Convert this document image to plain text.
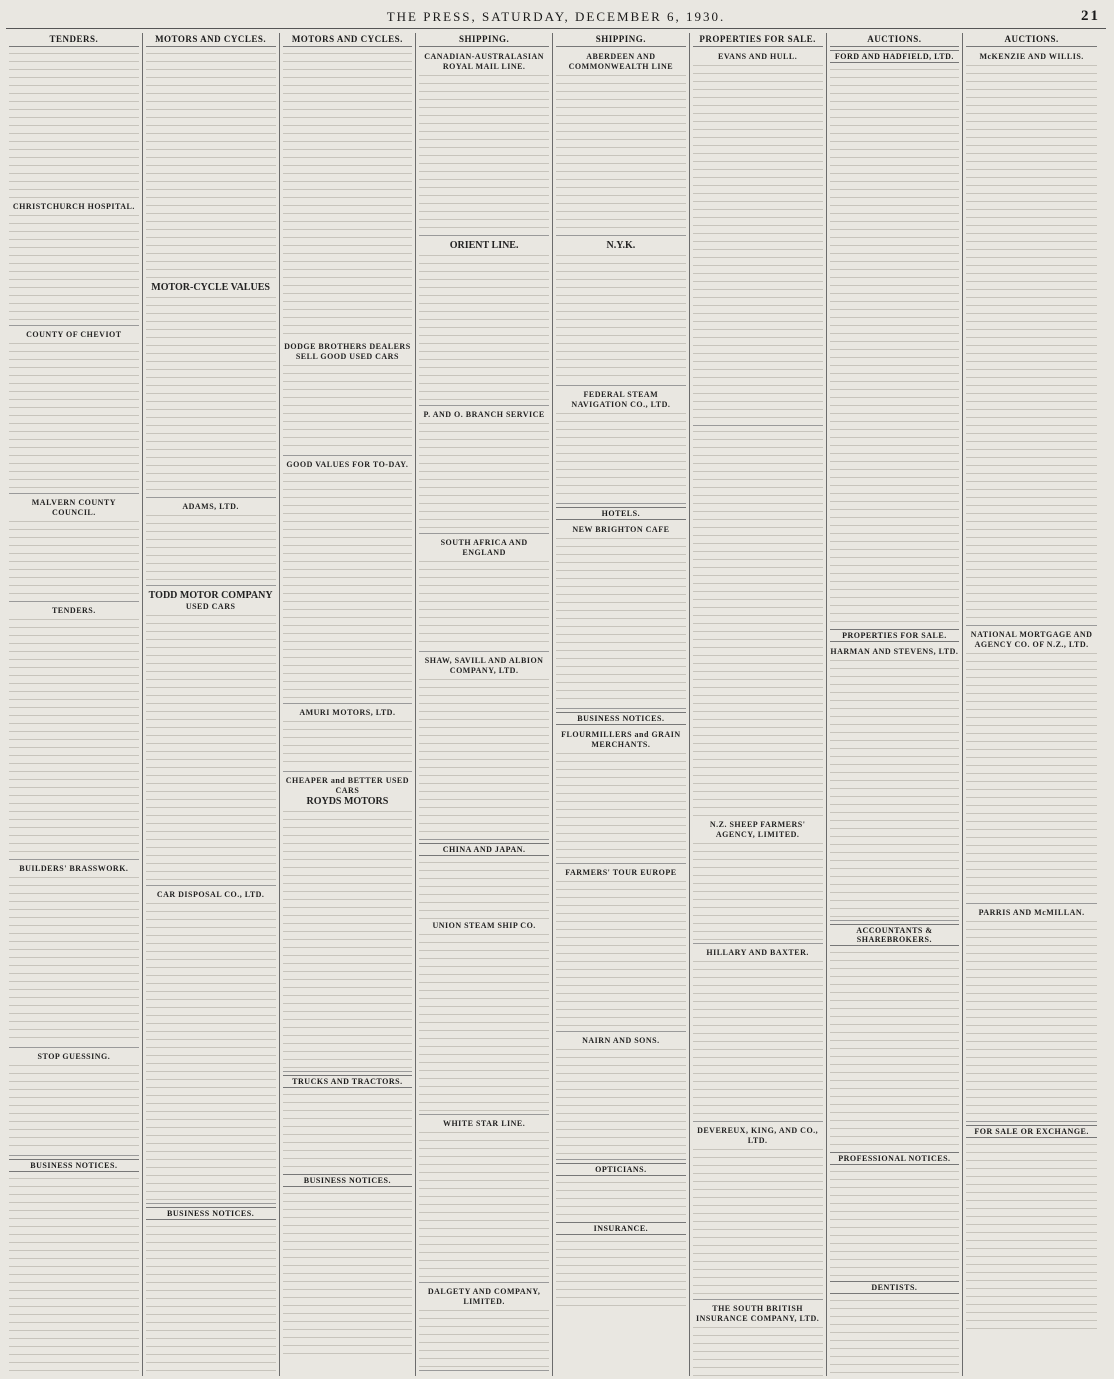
THE PRESS, SATURDAY, DECEMBER 6, 1930.	21
TENDERS.
CHRISTCHURCH HOSPITAL.
COUNTY OF CHEVIOT
MALVERN COUNTY COUNCIL.
TENDERS.
BUILDERS' BRASSWORK.
STOP GUESSING.
BUSINESS NOTICES.
MOTORS AND CYCLES.
MOTOR-CYCLE VALUES
ADAMS, LTD.
TODD MOTOR COMPANY
USED CARS
CAR DISPOSAL CO., LTD.
BUSINESS NOTICES.
MOTORS AND CYCLES.
DODGE BROTHERS DEALERS SELL GOOD USED CARS
GOOD VALUES FOR TO-DAY.
AMURI MOTORS, LTD.
CHEAPER and BETTER USED CARS
ROYDS MOTORS
TRUCKS AND TRACTORS.
BUSINESS NOTICES.
SHIPPING.
CANADIAN-AUSTRALASIAN ROYAL MAIL LINE.
ORIENT LINE.
P. AND O. BRANCH SERVICE
SOUTH AFRICA AND ENGLAND
SHAW, SAVILL AND ALBION COMPANY, LTD.
CHINA AND JAPAN.
UNION STEAM SHIP CO.
WHITE STAR LINE.
DALGETY AND COMPANY, LIMITED.
SHIPPING.
ABERDEEN AND COMMONWEALTH LINE
N.Y.K.
FEDERAL STEAM NAVIGATION CO., LTD.
HOTELS.
NEW BRIGHTON CAFE
BUSINESS NOTICES.
FLOURMILLERS and GRAIN MERCHANTS.
FARMERS' TOUR EUROPE
NAIRN AND SONS.
OPTICIANS.
INSURANCE.
PROPERTIES FOR SALE.
EVANS AND HULL.
N.Z. SHEEP FARMERS' AGENCY, LIMITED.
HILLARY AND BAXTER.
DEVEREUX, KING, AND CO., LTD.
THE SOUTH BRITISH INSURANCE COMPANY, LTD.
AUCTIONS.
FORD AND HADFIELD, LTD.
PROPERTIES FOR SALE.
HARMAN AND STEVENS, LTD.
ACCOUNTANTS & SHAREBROKERS.
PROFESSIONAL NOTICES.
DENTISTS.
AUCTIONS.
McKENZIE AND WILLIS.
NATIONAL MORTGAGE AND AGENCY CO. OF N.Z., LTD.
PARRIS AND McMILLAN.
FOR SALE OR EXCHANGE.
